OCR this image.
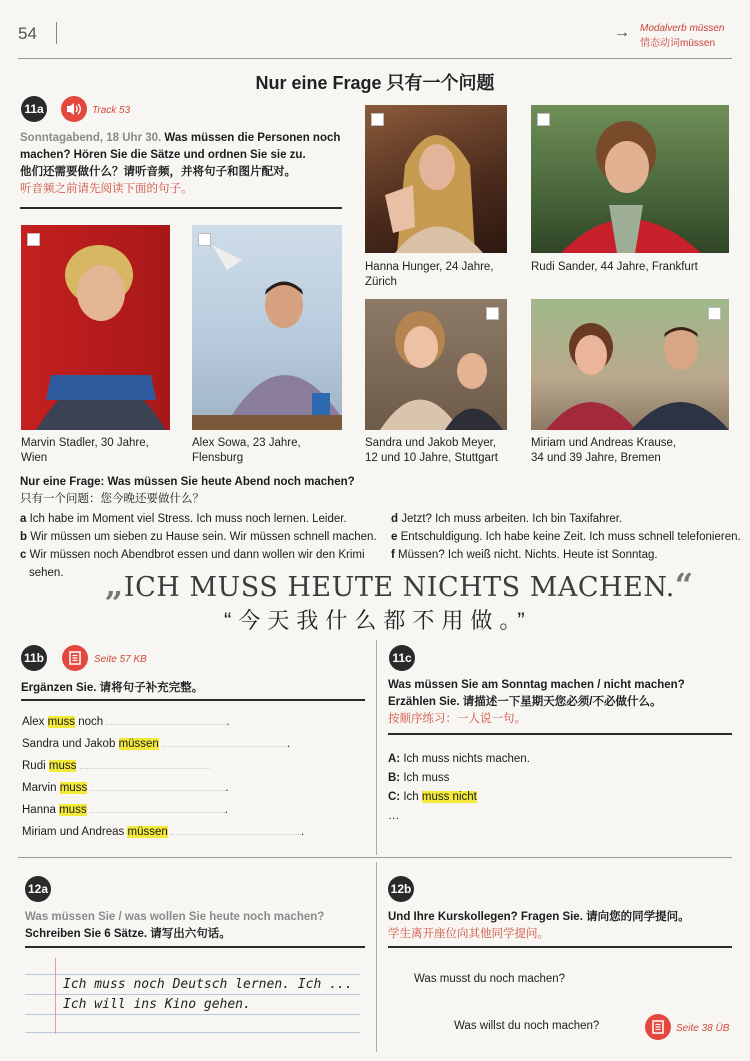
54	→ Modalverb müssen
情态动词müssen
Nur eine Frage 只有一个问题
11a	Track 53
Sonntagabend, 18 Uhr 30. Was müssen die Personen noch machen? Hören Sie die Sätze und ordnen Sie sie zu.
他们还需要做什么？请听音频，并将句子和图片配对。
听音频之前请先阅读下面的句子。
Hanna Hunger, 24 Jahre,
Zürich
Rudi Sander, 44 Jahre, Frankfurt
Marvin Stadler, 30 Jahre,
Wien
Alex Sowa, 23 Jahre,
Flensburg
Sandra und Jakob Meyer,
12 und 10 Jahre, Stuttgart
Miriam und Andreas Krause,
34 und 39 Jahre, Bremen
Nur eine Frage: Was müssen Sie heute Abend noch machen?
只有一个问题：您今晚还要做什么？
a Ich habe im Moment viel Stress. Ich muss noch lernen. Leider.
b Wir müssen um sieben zu Hause sein. Wir müssen schnell machen.
c Wir müssen noch Abendbrot essen und dann wollen wir den Krimi
sehen.
d Jetzt? Ich muss arbeiten. Ich bin Taxifahrer.
e Entschuldigung. Ich habe keine Zeit. Ich muss schnell telefonieren.
f Müssen? Ich weiß nicht. Nichts. Heute ist Sonntag.
„ICH MUSS HEUTE NICHTS MACHEN.“
“今天我什么都不用做。”
11b	Seite 57 KB
Ergänzen Sie. 请将句子补充完整。
Alex muss noch	.
Sandra und Jakob müssen	.
Rudi muss
Marvin muss	.
Hanna muss	.
Miriam und Andreas müssen	.
11c
Was müssen Sie am Sonntag machen / nicht machen?
Erzählen Sie. 请描述一下星期天您必须/不必做什么。
按顺序练习：一人说一句。
A: Ich muss nichts machen.
B: Ich muss
C: Ich muss nicht
…
12a
Was müssen Sie / was wollen Sie heute noch machen?
Schreiben Sie 6 Sätze. 请写出六句话。
Ich muss noch Deutsch lernen. Ich ...
Ich will ins Kino gehen.
12b
Und Ihre Kurskollegen? Fragen Sie. 请向您的同学提问。
学生离开座位向其他同学提问。
Was musst du noch machen?
Was willst du noch machen?	Seite 38 ÜB
